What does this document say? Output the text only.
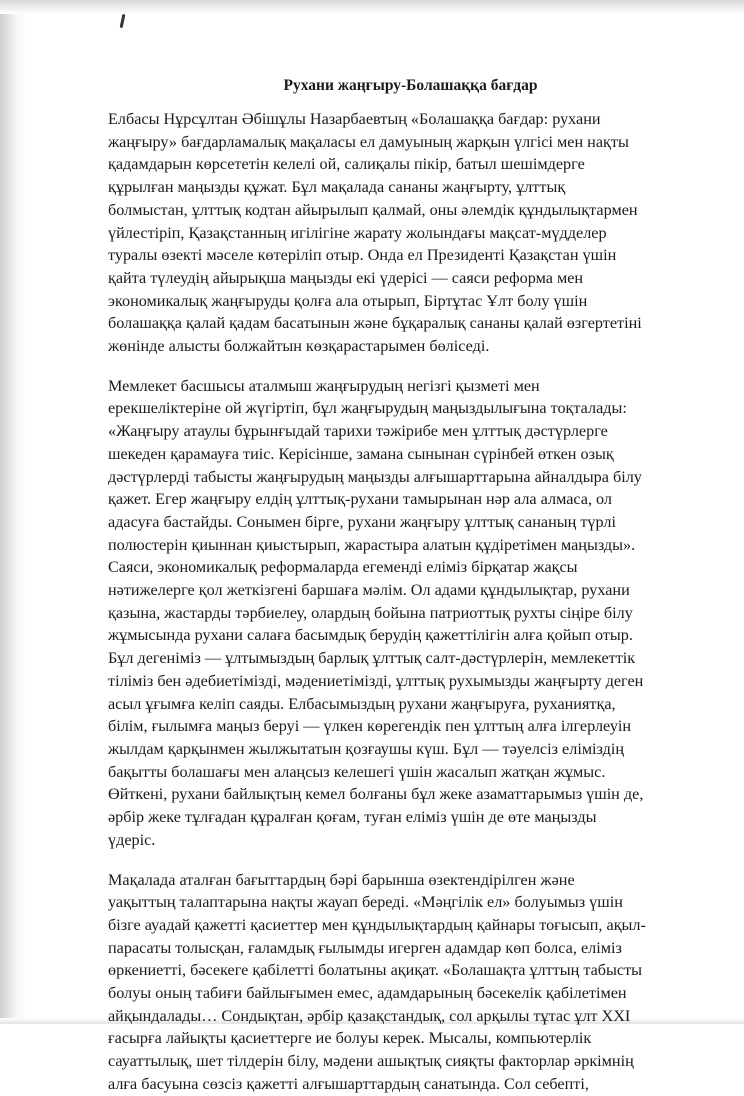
Рухани жаңғыру-Болашаққа бағдар

Елбасы Нұрсұлтан Әбішұлы Назарбаевтың «Болашаққа бағдар: рухани
жаңғыру» бағдарламалық мақаласы ел дамуының жарқын үлгісі мен нақты
қадамдарын көрсететін келелі ой, салиқалы пікір, батыл шешімдерге
құрылған маңызды құжат. Бұл мақалада сананы жаңғырту, ұлттық
болмыстан, ұлттық кодтан айырылып қалмай, оны әлемдік құндылықтармен
үйлестіріп, Қазақстанның игілігіне жарату жолындағы мақсат-мүдделер
туралы өзекті мәселе көтеріліп отыр. Онда ел Президенті Қазақстан үшін
қайта түлеудің айырықша маңызды екі үдерісі — саяси реформа мен
экономикалық жаңғыруды қолға ала отырып, Біртұтас Ұлт болу үшін
болашаққа қалай қадам басатынын және бұқаралық сананы қалай өзгертетіні
жөнінде алысты болжайтын көзқарастарымен бөліседі.

Мемлекет басшысы аталмыш жаңғырудың негізгі қызметі мен
ерекшеліктеріне ой жүгіртіп, бұл жаңғырудың маңыздылығына тоқталады:
«Жаңғыру атаулы бұрынғыдай тарихи тәжірибе мен ұлттық дәстүрлерге
шекеден қарамауға тиіс. Керісінше, замана сынынан сүрінбей өткен озық
дәстүрлерді табысты жаңғырудың маңызды алғышарттарына айналдыра білу
қажет. Егер жаңғыру елдің ұлттық-рухани тамырынан нәр ала алмаса, ол
адасуға бастайды. Сонымен бірге, рухани жаңғыру ұлттық сананың түрлі
полюстерін қиыннан қиыстырып, жарастыра алатын құдіретімен маңызды».
Саяси, экономикалық реформаларда егеменді еліміз бірқатар жақсы
нәтижелерге қол жеткізгені баршаға мәлім. Ол адами құндылықтар, рухани
қазына, жастарды тәрбиелеу, олардың бойына патриоттық рухты сіңіре білу
жұмысында рухани салаға басымдық берудің қажеттілігін алға қойып отыр.
Бұл дегеніміз — ұлтымыздың барлық ұлттық салт-дәстүрлерін, мемлекеттік
тіліміз бен әдебиетімізді, мәдениетімізді, ұлттық рухымызды жаңғырту деген
асыл ұғымға келіп саяды. Елбасымыздың рухани жаңғыруға, руханиятқа,
білім, ғылымға маңыз беруі — үлкен көрегендік пен ұлттың алға ілгерлеуін
жылдам қарқынмен жылжытатын қозғаушы күш. Бұл — тәуелсіз еліміздің
бақытты болашағы мен алаңсыз келешегі үшін жасалып жатқан жұмыс.
Өйткені, рухани байлықтың кемел болғаны бұл жеке азаматтарымыз үшін де,
әрбір жеке тұлғадан құралған қоғам, туған еліміз үшін де өте маңызды
үдеріс.

Мақалада аталған бағыттардың бәрі барынша өзектендірілген және
уақыттың талаптарына нақты жауап береді. «Мәңгілік ел» болуымыз үшін
бізге ауадай қажетті қасиеттер мен құндылықтардың қайнары тоғысып, ақыл-
парасаты толысқан, ғаламдық ғылымды игерген адамдар көп болса, еліміз
өркениетті, бәсекеге қабілетті болатыны ақиқат. «Болашақта ұлттың табысты
болуы оның табиғи байлығымен емес, адамдарының бәсекелік қабілетімен
айқындалады… Сондықтан, әрбір қазақстандық, сол арқылы тұтас ұлт XXI
ғасырға лайықты қасиеттерге ие болуы керек. Мысалы, компьютерлік
сауаттылық, шет тілдерін білу, мәдени ашықтық сияқты факторлар әркімнің
алға басуына сөзсіз қажетті алғышарттардың санатында. Сол себепті,
